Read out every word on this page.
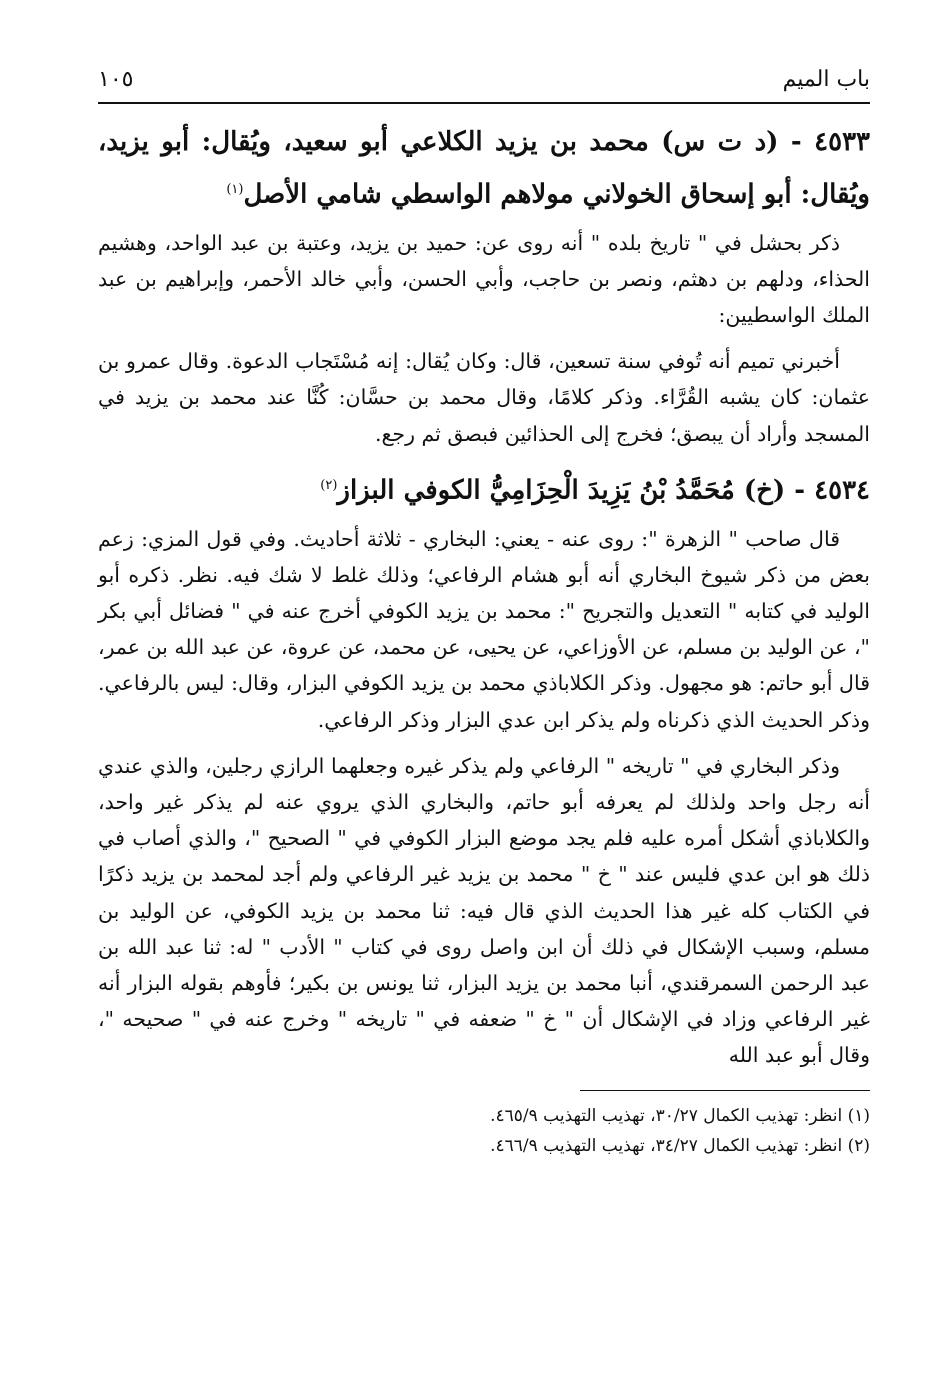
باب الميم
١٠٥
٤٥٣٣ - (د ت س) محمد بن يزيد الكلاعي أبو سعيد، ويُقال: أبو يزيد، ويُقال: أبو إسحاق الخولاني مولاهم الواسطي شامي الأصل$^{(١)}$

ذكر بحشل في " تاريخ بلده " أنه روى عن: حميد بن يزيد، وعتبة بن عبد الواحد، وهشيم الحذاء، ودلهم بن دهثم، ونصر بن حاجب، وأبي الحسن، وأبي خالد الأحمر، وإبراهيم بن عبد الملك الواسطيين:

أخبرني تميم أنه تُوفي سنة تسعين، قال: وكان يُقال: إنه مُسْتَجاب الدعوة. وقال عمرو بن عثمان: كان يشبه القُرَّاء. وذكر كلامًا، وقال محمد بن حسَّان: كُنَّا عند محمد بن يزيد في المسجد وأراد أن يبصق؛ فخرج إلى الحذائين فبصق ثم رجع.

٤٥٣٤ - (خ) مُحَمَّدُ بْنُ يَزِيدَ الْحِزَامِيُّ الكوفي البزاز$^{(٢)}$

قال صاحب " الزهرة ": روى عنه - يعني: البخاري - ثلاثة أحاديث. وفي قول المزي: زعم بعض من ذكر شيوخ البخاري أنه أبو هشام الرفاعي؛ وذلك غلط لا شك فيه. نظر. ذكره أبو الوليد في كتابه " التعديل والتجريح ": محمد بن يزيد الكوفي أخرج عنه في " فضائل أبي بكر "، عن الوليد بن مسلم، عن الأوزاعي، عن يحيى، عن محمد، عن عروة، عن عبد الله بن عمر، قال أبو حاتم: هو مجهول. وذكر الكلاباذي محمد بن يزيد الكوفي البزار، وقال: ليس بالرفاعي. وذكر الحديث الذي ذكرناه ولم يذكر ابن عدي البزار وذكر الرفاعي.

وذكر البخاري في " تاريخه " الرفاعي ولم يذكر غيره وجعلهما الرازي رجلين، والذي عندي أنه رجل واحد ولذلك لم يعرفه أبو حاتم، والبخاري الذي يروي عنه لم يذكر غير واحد، والكلاباذي أشكل أمره عليه فلم يجد موضع البزار الكوفي في " الصحيح "، والذي أصاب في ذلك هو ابن عدي فليس عند " خ " محمد بن يزيد غير الرفاعي ولم أجد لمحمد بن يزيد ذكرًا في الكتاب كله غير هذا الحديث الذي قال فيه: ثنا محمد بن يزيد الكوفي، عن الوليد بن مسلم، وسبب الإشكال في ذلك أن ابن واصل روى في كتاب " الأدب " له: ثنا عبد الله بن عبد الرحمن السمرقندي، أنبا محمد بن يزيد البزار، ثنا يونس بن بكير؛ فأوهم بقوله البزار أنه غير الرفاعي وزاد في الإشكال أن " خ " ضعفه في " تاريخه " وخرج عنه في " صحيحه "، وقال أبو عبد الله

(١) انظر: تهذيب الكمال ٣٠/٢٧، تهذيب التهذيب ٤٦٥/٩.

(٢) انظر: تهذيب الكمال ٣٤/٢٧، تهذيب التهذيب ٤٦٦/٩.
